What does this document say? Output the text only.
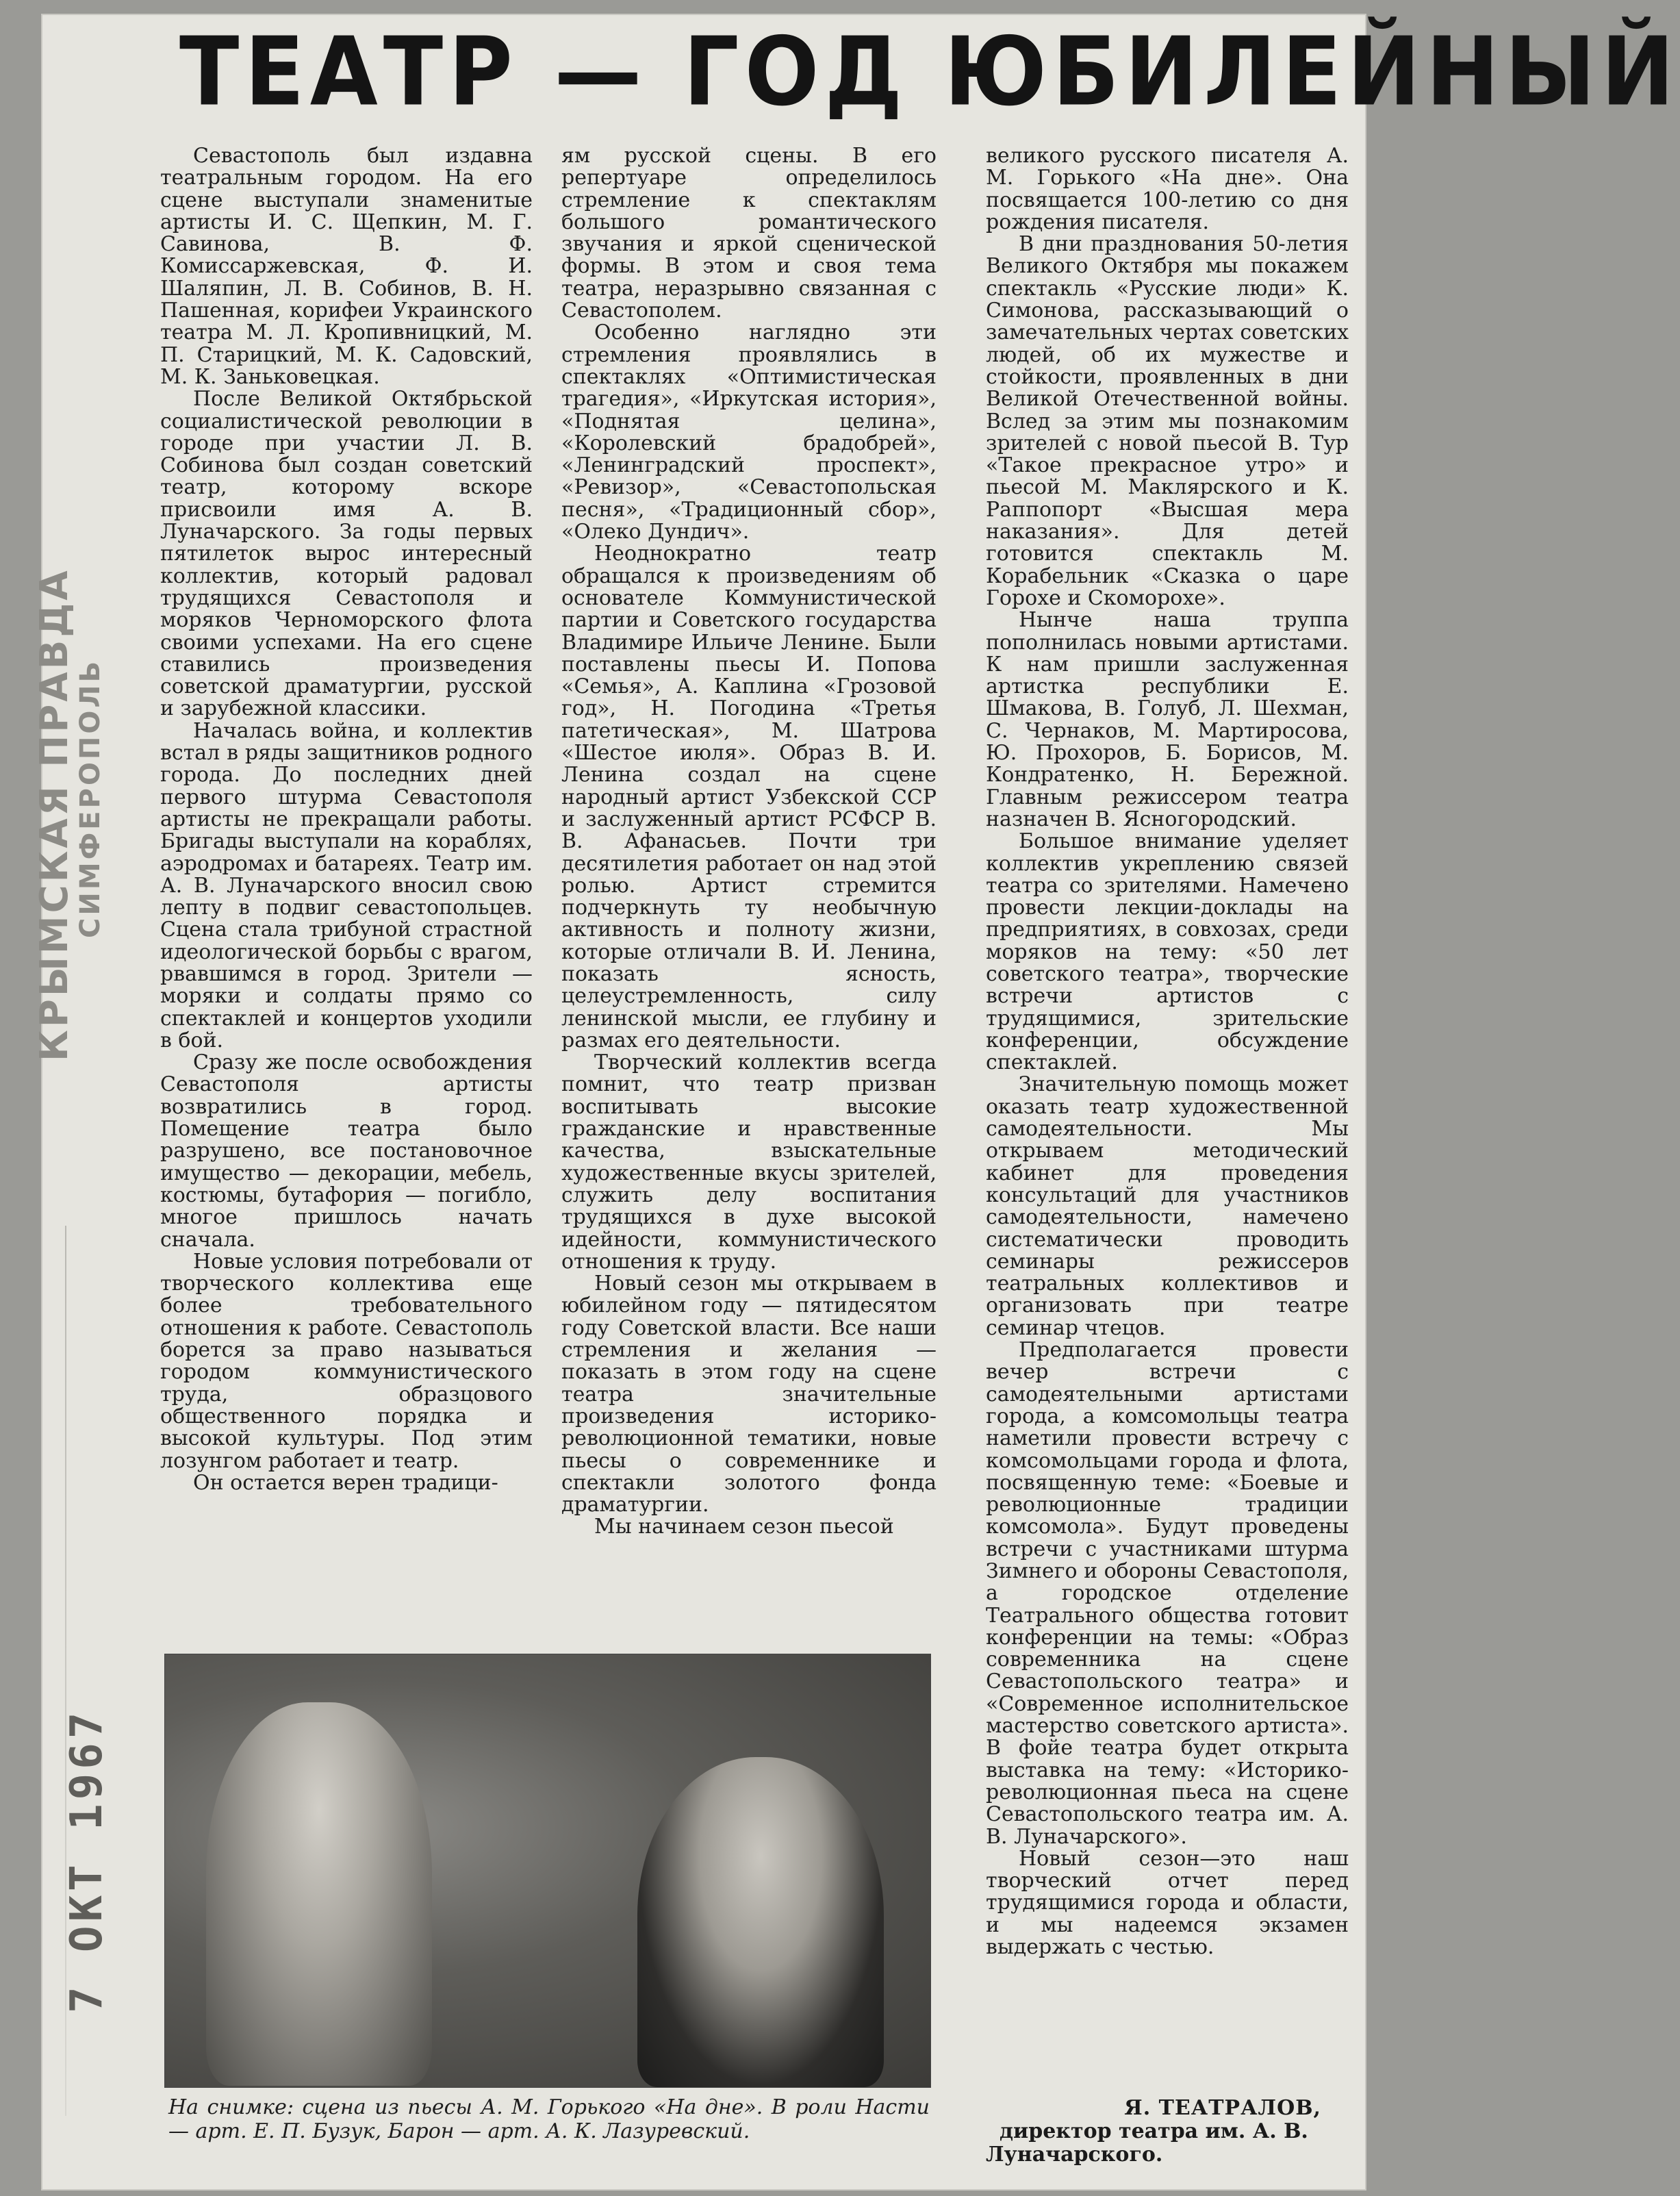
ТЕАТР — ГОД ЮБИЛЕЙНЫЙ

Севастополь был издавна театральным городом. На его сцене выступали знаменитые артисты И. С. Щепкин, М. Г. Савинова, В. Ф. Комиссаржевская, Ф. И. Шаляпин, Л. В. Собинов, В. Н. Пашенная, корифеи Украинского театра М. Л. Кропивницкий, М. П. Старицкий, М. К. Садовский, М. К. Заньковецкая.

После Великой Октябрьской социалистической революции в городе при участии Л. В. Собинова был создан советский театр, которому вскоре присвоили имя А. В. Луначарского. За годы первых пятилеток вырос интересный коллектив, который радовал трудящихся Севастополя и моряков Черноморского флота своими успехами. На его сцене ставились произведения советской драматургии, русской и зарубежной классики.

Началась война, и коллектив встал в ряды защитников родного города. До последних дней первого штурма Севастополя артисты не прекращали работы. Бригады выступали на кораблях, аэродромах и батареях. Театр им. А. В. Луначарского вносил свою лепту в подвиг севастопольцев. Сцена стала трибуной страстной идеологической борьбы с врагом, рвавшимся в город. Зрители — моряки и солдаты прямо со спектаклей и концертов уходили в бой.

Сразу же после освобождения Севастополя артисты возвратились в город. Помещение театра было разрушено, все постановочное имущество — декорации, мебель, костюмы, бутафория — погибло, многое пришлось начать сначала.

Новые условия потребовали от творческого коллектива еще более требовательного отношения к работе. Севастополь борется за право называться городом коммунистического труда, образцового общественного порядка и высокой культуры. Под этим лозунгом работает и театр.

Он остается верен традици-

ям русской сцены. В его репертуаре определилось стремление к спектаклям большого романтического звучания и яркой сценической формы. В этом и своя тема театра, неразрывно связанная с Севастополем.

Особенно наглядно эти стремления проявлялись в спектаклях «Оптимистическая трагедия», «Иркутская история», «Поднятая целина», «Королевский брадобрей», «Ленинградский проспект», «Ревизор», «Севастопольская песня», «Традиционный сбор», «Олеко Дундич».

Неоднократно театр обращался к произведениям об основателе Коммунистической партии и Советского государства Владимире Ильиче Ленине. Были поставлены пьесы И. Попова «Семья», А. Каплина «Грозовой год», Н. Погодина «Третья патетическая», М. Шатрова «Шестое июля». Образ В. И. Ленина создал на сцене народный артист Узбекской ССР и заслуженный артист РСФСР В. В. Афанасьев. Почти три десятилетия работает он над этой ролью. Артист стремится подчеркнуть ту необычную активность и полноту жизни, которые отличали В. И. Ленина, показать ясность, целеустремленность, силу ленинской мысли, ее глубину и размах его деятельности.

Творческий коллектив всегда помнит, что театр призван воспитывать высокие гражданские и нравственные качества, взыскательные художественные вкусы зрителей, служить делу воспитания трудящихся в духе высокой идейности, коммунистического отношения к труду.

Новый сезон мы открываем в юбилейном году — пятидесятом году Советской власти. Все наши стремления и желания — показать в этом году на сцене театра значительные произведения историко-революционной тематики, новые пьесы о современнике и спектакли золотого фонда драматургии.

Мы начинаем сезон пьесой

великого русского писателя А. М. Горького «На дне». Она посвящается 100-летию со дня рождения писателя.

В дни празднования 50-летия Великого Октября мы покажем спектакль «Русские люди» К. Симонова, рассказывающий о замечательных чертах советских людей, об их мужестве и стойкости, проявленных в дни Великой Отечественной войны. Вслед за этим мы познакомим зрителей с новой пьесой В. Тур «Такое прекрасное утро» и пьесой М. Маклярского и К. Раппопорт «Высшая мера наказания». Для детей готовится спектакль М. Корабельник «Сказка о царе Горохе и Скоморохе».

Нынче наша труппа пополнилась новыми артистами. К нам пришли заслуженная артистка республики Е. Шмакова, В. Голуб, Л. Шехман, С. Чернаков, М. Мартиросова, Ю. Прохоров, Б. Борисов, М. Кондратенко, Н. Бережной. Главным режиссером театра назначен В. Ясногородский.

Большое внимание уделяет коллектив укреплению связей театра со зрителями. Намечено провести лекции-доклады на предприятиях, в совхозах, среди моряков на тему: «50 лет советского театра», творческие встречи артистов с трудящимися, зрительские конференции, обсуждение спектаклей.

Значительную помощь может оказать театр художественной самодеятельности. Мы открываем методический кабинет для проведения консультаций для участников самодеятельности, намечено систематически проводить семинары режиссеров театральных коллективов и организовать при театре семинар чтецов.

Предполагается провести вечер встречи с самодеятельными артистами города, а комсомольцы театра наметили провести встречу с комсомольцами города и флота, посвященную теме: «Боевые и революционные традиции комсомола». Будут проведены встречи с участниками штурма Зимнего и обороны Севастополя, а городское отделение Театрального общества готовит конференции на темы: «Образ современника на сцене Севастопольского театра» и «Современное исполнительское мастерство советского артиста». В фойе театра будет открыта выставка на тему: «Историко-революционная пьеса на сцене Севастопольского театра им. А. В. Луначарского».

Новый сезон—это наш творческий отчет перед трудящимися города и области, и мы надеемся экзамен выдержать с честью.

На снимке: сцена из пьесы А. М. Горького «На дне». В роли Насти — арт. Е. П. Бузук, Барон — арт. А. К. Лазуревский.
Я. ТЕАТРАЛОВ,
директор театра им. А. В. Луначарского.
КРЫМСКАЯ ПРАВДА
СИМФЕРОПОЛЬ
7 ОКТ 1967
